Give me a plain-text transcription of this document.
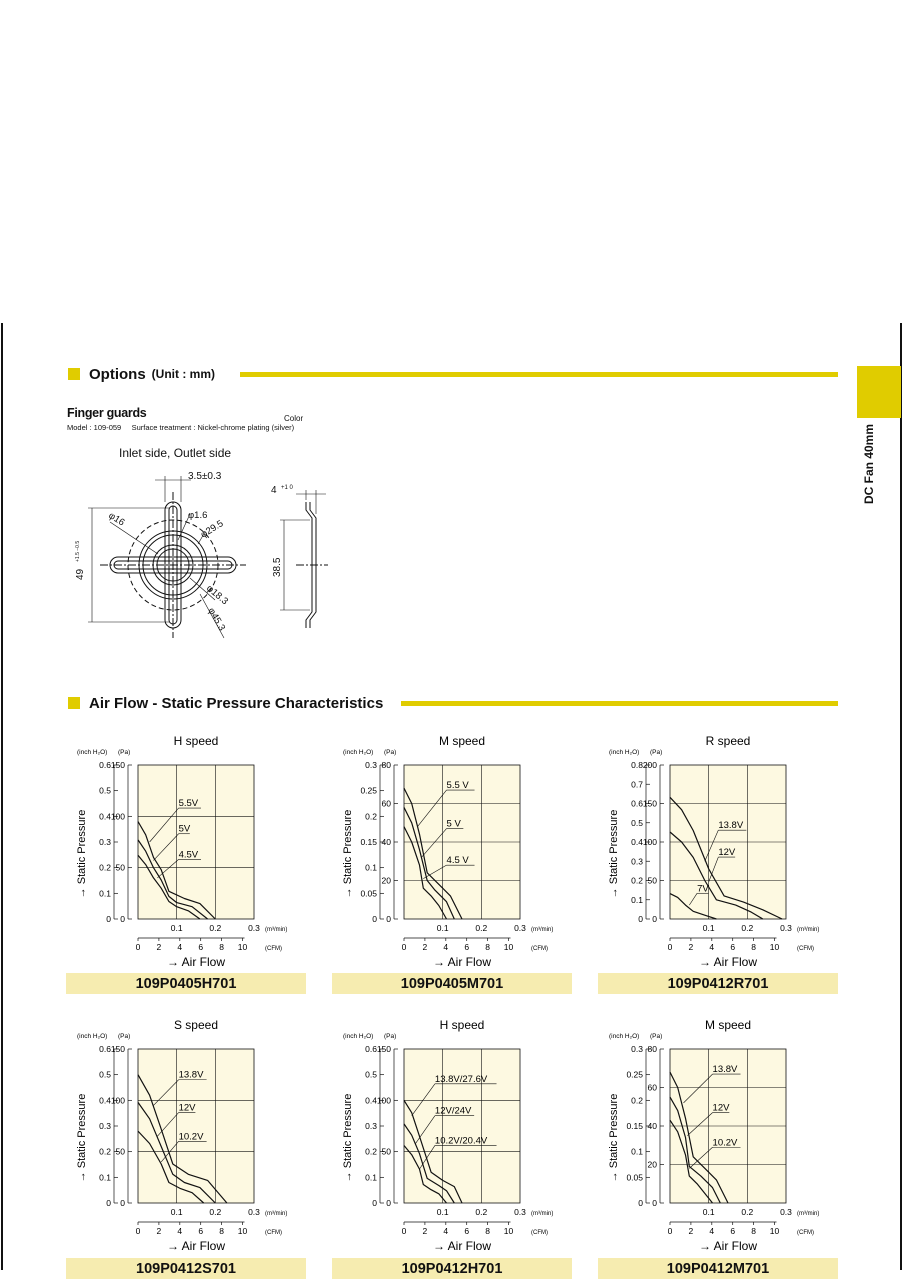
Options (Unit : mm)
DC Fan 40mm
Finger guards	Color
Model : 109-059 Surface treatment : Nickel-chrome plating (silver)
Inlet side, Outlet side
3.5±0.3
φ1.6
φ29.5
φ16
φ18.3
φ45.3
49
+1.5 −0.5
4 +1 0
38.5
Air Flow - Static Pressure Characteristics
H speed
0
50
100
150
0
0.1
0.2
0.3
0.4
0.5
0.6
(inch H₂O) (Pa)
→ Static Pressure
0.1	0.2	0.3 (m³/min)
0 2 4 6 8 10	(CFM)
→ Air Flow
5.5V
5V
4.5V
109P0405H701
M speed
0
20
40
60
80
0
0.05
0.1
0.15
0.2
0.25
0.3
(inch H₂O) (Pa)
→ Static Pressure
0.1	0.2	0.3 (m³/min)
0 2 4 6 8 10	(CFM)
→ Air Flow
5.5 V
5 V
4.5 V
109P0405M701
R speed
0
50
100
150
200
0
0.1
0.2
0.3
0.4
0.5
0.6
0.7
0.8
(inch H₂O) (Pa)
→ Static Pressure
0.1	0.2	0.3 (m³/min)
0 2 4 6 8 10	(CFM)
→ Air Flow
13.8V
12V
7V
109P0412R701
S speed
0
50
100
150
0
0.1
0.2
0.3
0.4
0.5
0.6
(inch H₂O) (Pa)
→ Static Pressure
0.1	0.2	0.3 (m³/min)
0 2 4 6 8 10	(CFM)
→ Air Flow
13.8V
12V
10.2V
109P0412S701
H speed
0
50
100
150
0
0.1
0.2
0.3
0.4
0.5
0.6
(inch H₂O) (Pa)
→ Static Pressure
0.1	0.2	0.3 (m³/min)
0 2 4 6 8 10	(CFM)
→ Air Flow
13.8V/27.6V
12V/24V
10.2V/20.4V
109P0412H701
M speed
0
20
40
60
80
0
0.05
0.1
0.15
0.2
0.25
0.3
(inch H₂O) (Pa)
→ Static Pressure
0.1	0.2	0.3 (m³/min)
0 2 4 6 8 10	(CFM)
→ Air Flow
13.8V
12V
10.2V
109P0412M701
